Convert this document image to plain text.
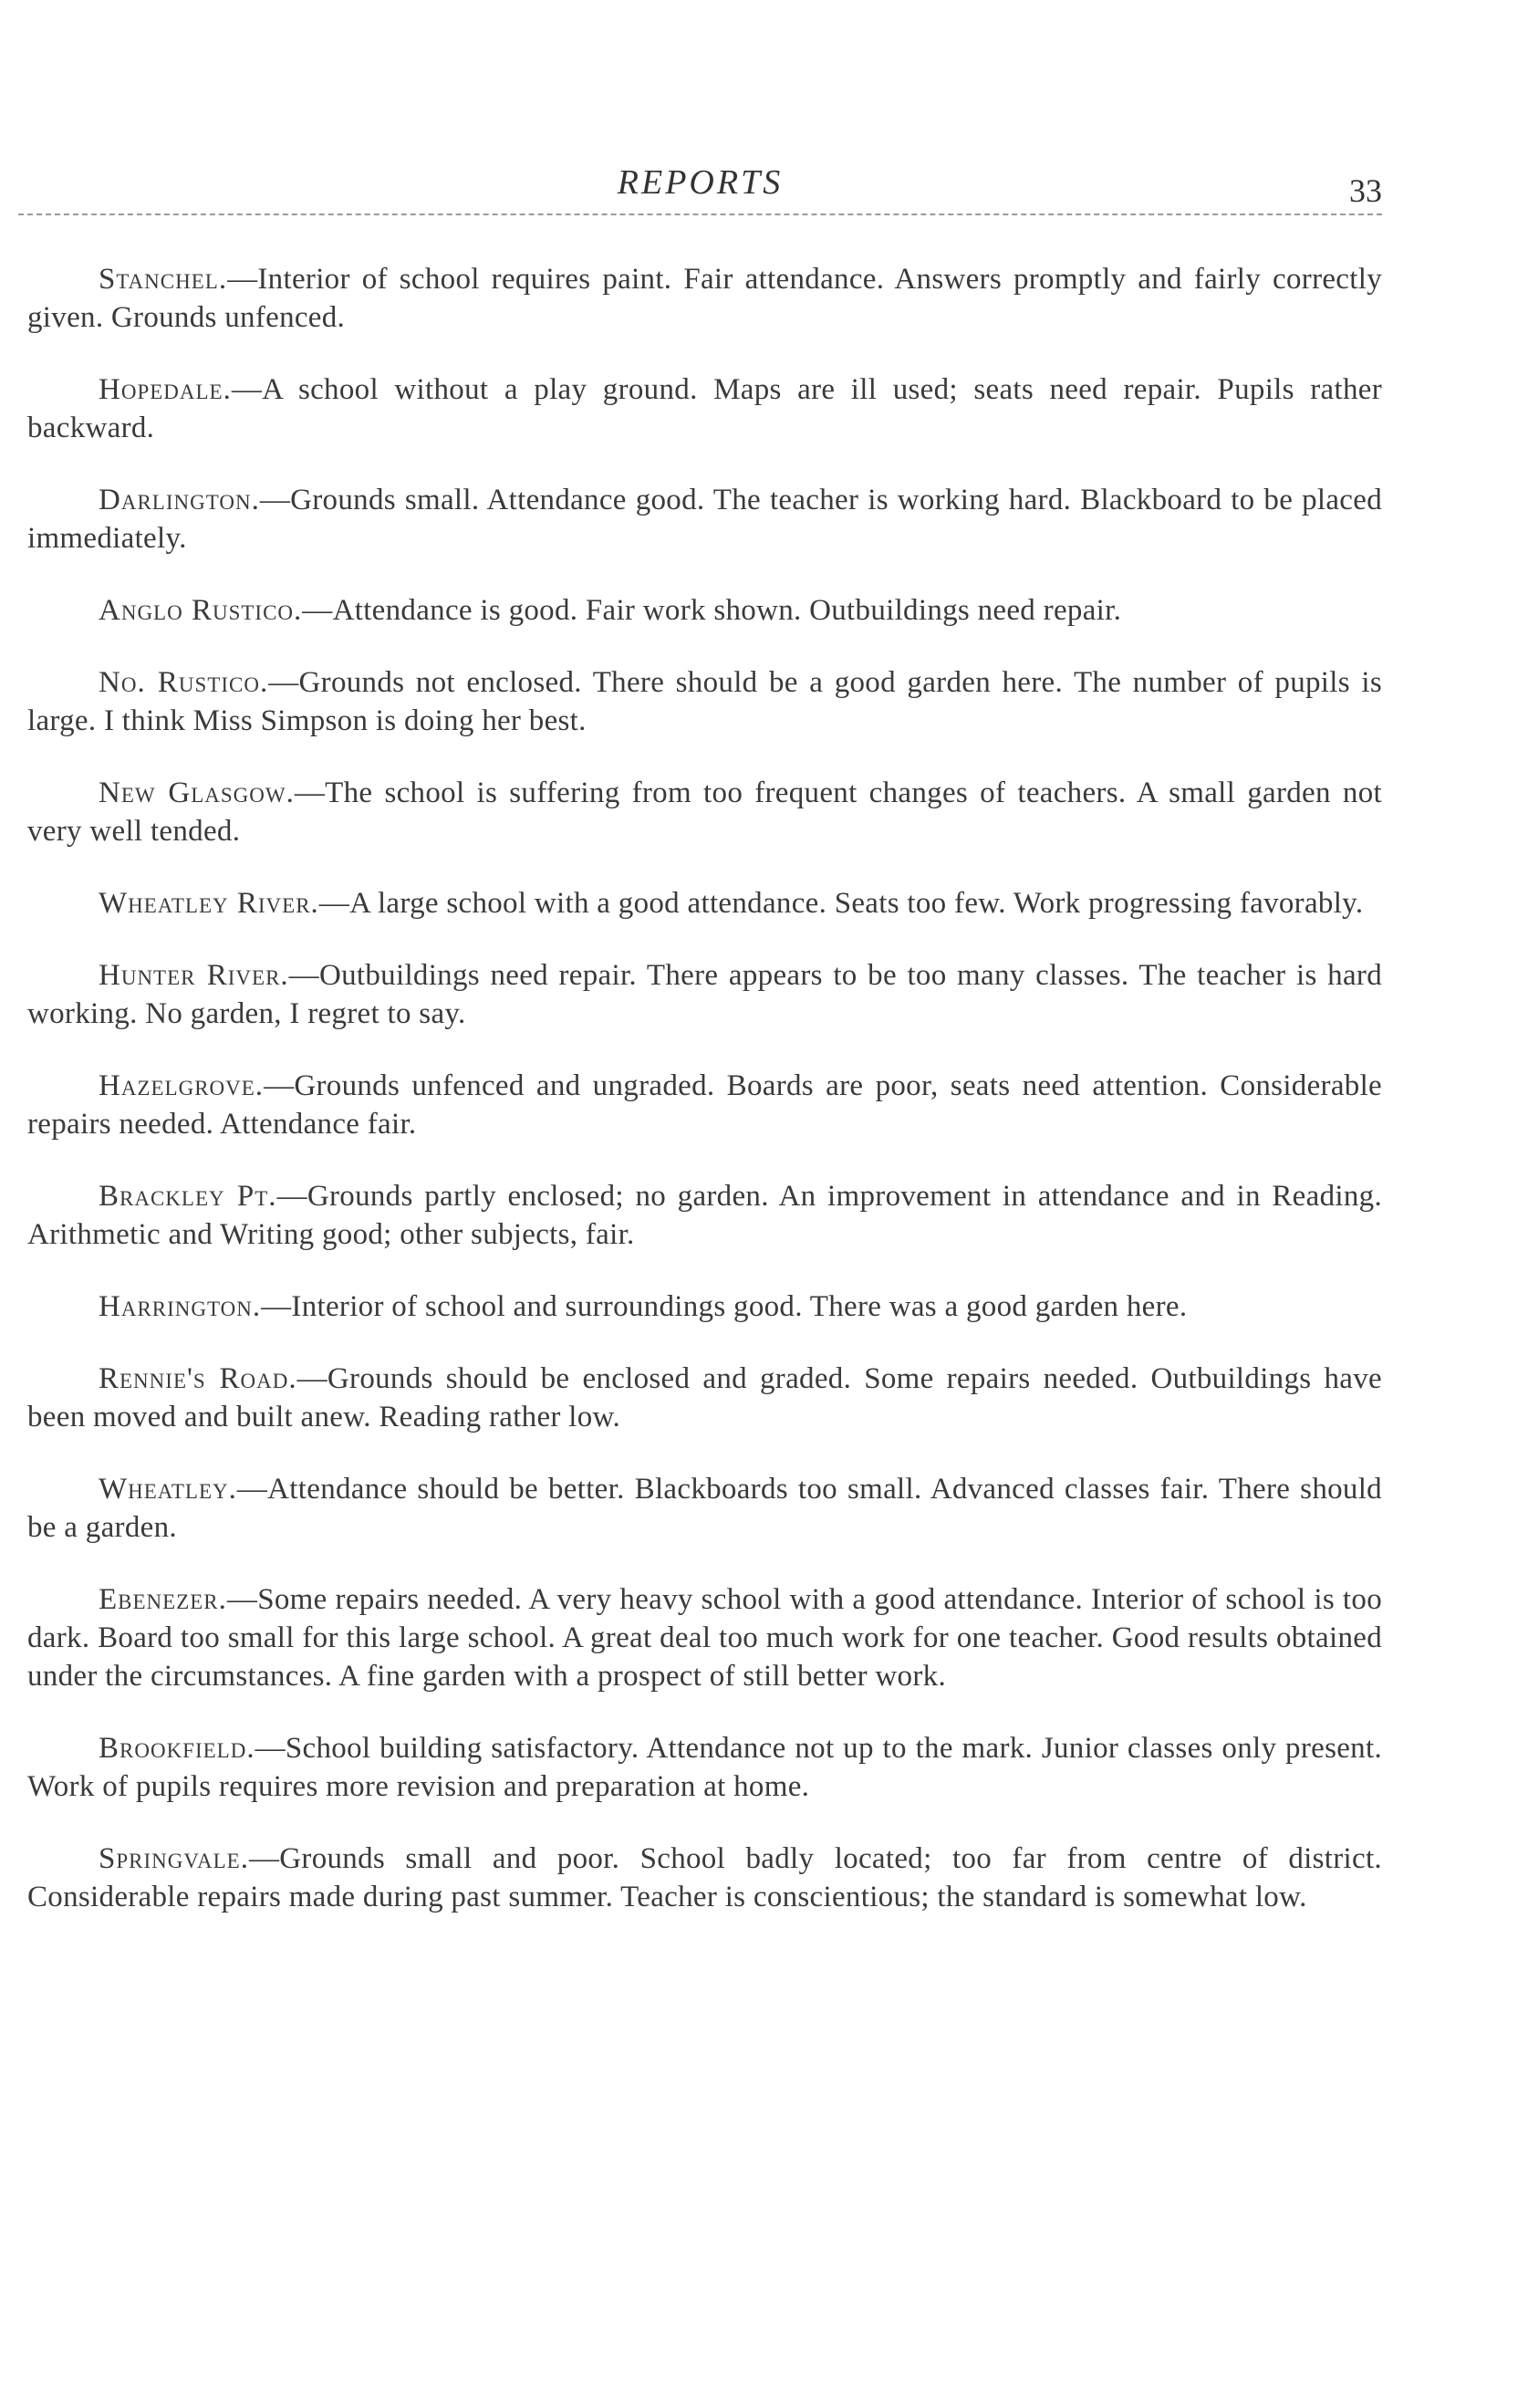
REPORTS	33

Stanchel.—Interior of school requires paint. Fair attendance. Answers promptly and fairly correctly given. Grounds unfenced.

Hopedale.—A school without a play ground. Maps are ill used; seats need repair. Pupils rather backward.

Darlington.—Grounds small. Attendance good. The teacher is working hard. Blackboard to be placed immediately.

Anglo Rustico.—Attendance is good. Fair work shown. Outbuildings need repair.

No. Rustico.—Grounds not enclosed. There should be a good garden here. The number of pupils is large. I think Miss Simpson is doing her best.

New Glasgow.—The school is suffering from too frequent changes of teachers. A small garden not very well tended.

Wheatley River.—A large school with a good attendance. Seats too few. Work progressing favorably.

Hunter River.—Outbuildings need repair. There appears to be too many classes. The teacher is hard working. No garden, I regret to say.

Hazelgrove.—Grounds unfenced and ungraded. Boards are poor, seats need attention. Considerable repairs needed. Attendance fair.

Brackley Pt.—Grounds partly enclosed; no garden. An improvement in attendance and in Reading. Arithmetic and Writing good; other subjects, fair.

Harrington.—Interior of school and surroundings good. There was a good garden here.

Rennie's Road.—Grounds should be enclosed and graded. Some repairs needed. Outbuildings have been moved and built anew. Reading rather low.

Wheatley.—Attendance should be better. Blackboards too small. Advanced classes fair. There should be a garden.

Ebenezer.—Some repairs needed. A very heavy school with a good attendance. Interior of school is too dark. Board too small for this large school. A great deal too much work for one teacher. Good results obtained under the circumstances. A fine garden with a prospect of still better work.

Brookfield.—School building satisfactory. Attendance not up to the mark. Junior classes only present. Work of pupils requires more revision and preparation at home.

Springvale.—Grounds small and poor. School badly located; too far from centre of district. Considerable repairs made during past summer. Teacher is conscientious; the standard is somewhat low.
